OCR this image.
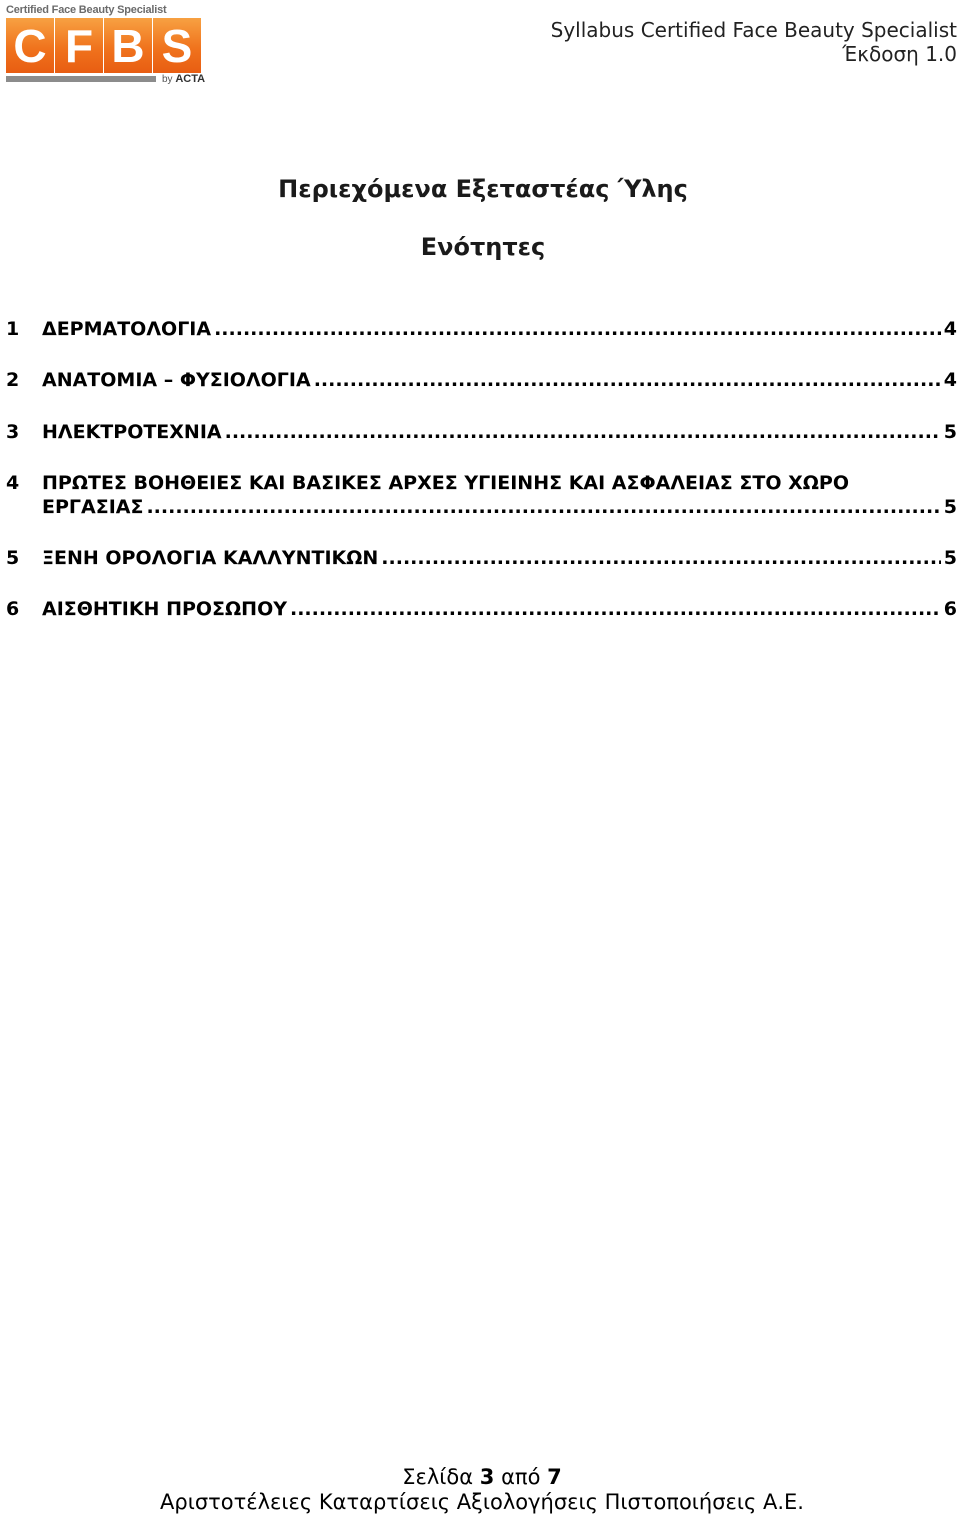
Certified Face Beauty Specialist
C F B S
by ACTA
Syllabus Certified Face Beauty Specialist
Έκδοση 1.0
Περιεχόμενα Εξεταστέας Ύλης
Ενότητες
1	ΔΕΡΜΑΤΟΛΟΓΙΑ .....	4
2	ΑΝΑΤΟΜΙΑ – ΦΥΣΙΟΛΟΓΙΑ .....	4
3	ΗΛΕΚΤΡΟΤΕΧΝΙΑ .....	5
4	ΠΡΩΤΕΣ ΒΟΗΘΕΙΕΣ ΚΑΙ ΒΑΣΙΚΕΣ ΑΡΧΕΣ ΥΓΙΕΙΝΗΣ ΚΑΙ ΑΣΦΑΛΕΙΑΣ ΣΤΟ ΧΩΡΟ
ΕΡΓΑΣΙΑΣ .....	5
5	ΞΕΝΗ ΟΡΟΛΟΓΙΑ ΚΑΛΛΥΝΤΙΚΩΝ .....	5
6	ΑΙΣΘΗΤΙΚΗ ΠΡΟΣΩΠΟΥ .....	6
Σελίδα 3 από 7
Αριστοτέλειες Καταρτίσεις Αξιολογήσεις Πιστοποιήσεις Α.Ε.
